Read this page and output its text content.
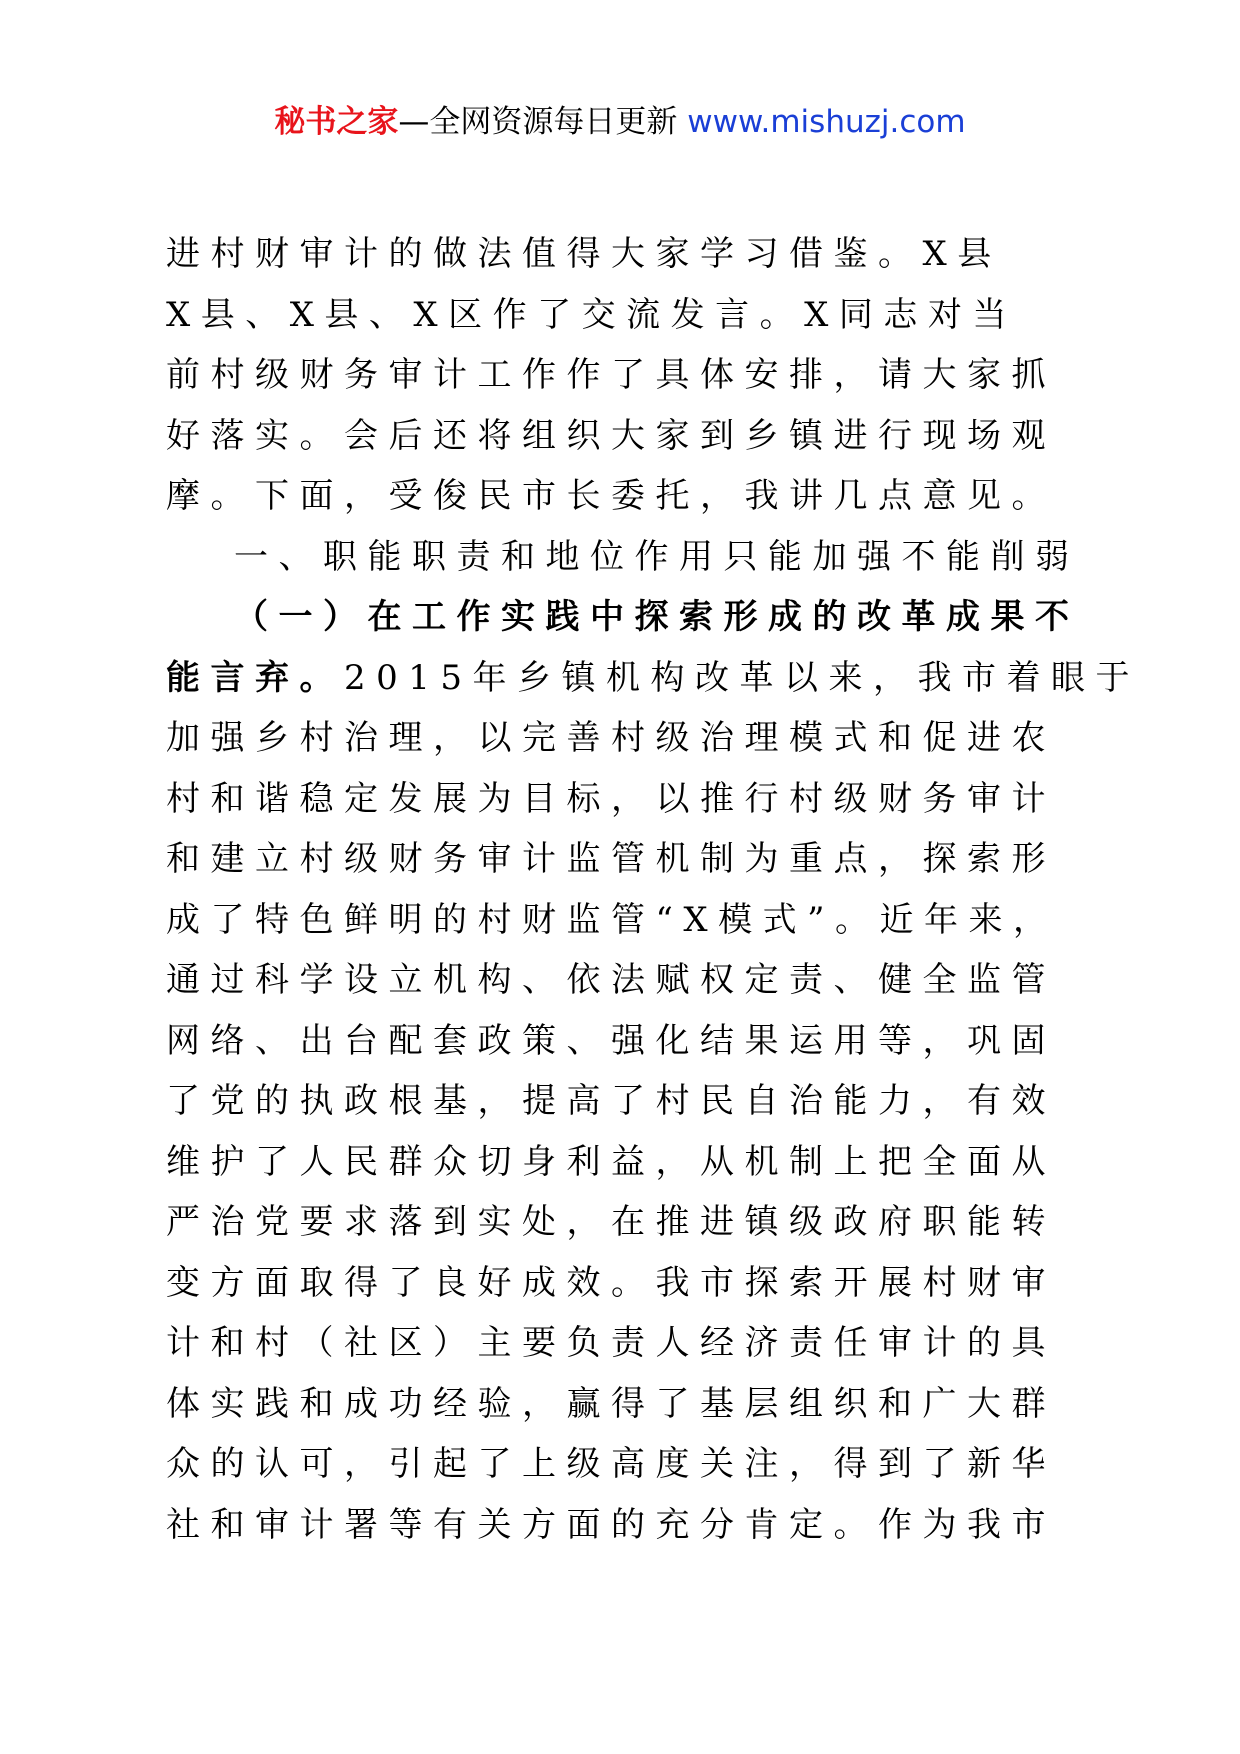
秘书之家—全网资源每日更新 www.mishuzj.com
进村财审计的做法值得大家学习借鉴。X县
X县、X县、X区作了交流发言。X同志对当
前村级财务审计工作作了具体安排，请大家抓
好落实。会后还将组织大家到乡镇进行现场观
摩。下面，受俊民市长委托，我讲几点意见。
一、职能职责和地位作用只能加强不能削弱
（一）在工作实践中探索形成的改革成果不
能言弃。2015年乡镇机构改革以来，我市着眼于
加强乡村治理，以完善村级治理模式和促进农
村和谐稳定发展为目标，以推行村级财务审计
和建立村级财务审计监管机制为重点，探索形
成了特色鲜明的村财监管“X模式”。近年来，
通过科学设立机构、依法赋权定责、健全监管
网络、出台配套政策、强化结果运用等，巩固
了党的执政根基，提高了村民自治能力，有效
维护了人民群众切身利益，从机制上把全面从
严治党要求落到实处，在推进镇级政府职能转
变方面取得了良好成效。我市探索开展村财审
计和村（社区）主要负责人经济责任审计的具
体实践和成功经验，赢得了基层组织和广大群
众的认可，引起了上级高度关注，得到了新华
社和审计署等有关方面的充分肯定。作为我市
